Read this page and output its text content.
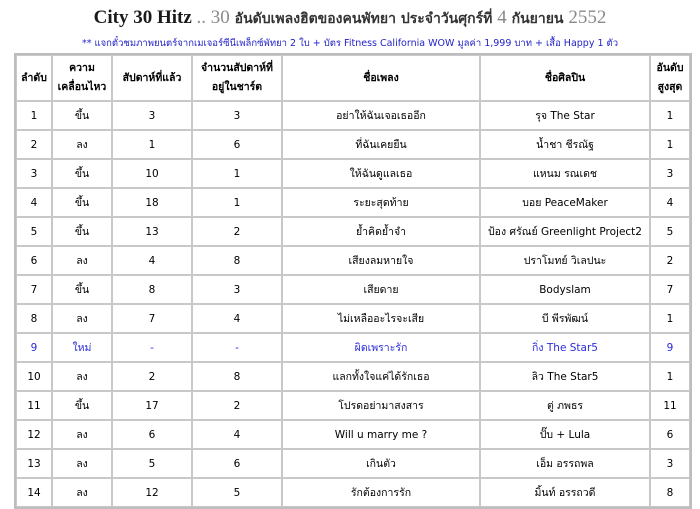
City 30 Hitz .. 30 อันดับเพลงฮิตของคนพัทยา ประจำวันศุกร์ที่ 4 กันยายน 2552
** แจกตั๋วชมภาพยนตร์จากเมเจอร์ซีนีเพล็กซ์พัทยา 2 ใบ + บัตร Fitness California WOW มูลค่า 1,999 บาท + เสื้อ Happy 1 ตัว
ลำดับ	ความเคลื่อนไหว	สัปดาห์ที่แล้ว	จำนวนสัปดาห์ที่อยู่ในชาร์ต	ชื่อเพลง	ชื่อศิลปิน	อันดับสูงสุด
1	ขึ้น	3	3	อย่าให้ฉันเจอเธออีก	รุจ The Star	1
2	ลง	1	6	ที่ฉันเคยยืน	น้ำชา ชีรณัฐ	1
3	ขึ้น	10	1	ให้ฉันดูแลเธอ	แหนม รณเดช	3
4	ขึ้น	18	1	ระยะสุดท้าย	บอย PeaceMaker	4
5	ขึ้น	13	2	ย้ำคิดย้ำจำ	ป้อง ศรัณย์ Greenlight Project2	5
6	ลง	4	8	เสียงลมหายใจ	ปราโมทย์ วิเลปนะ	2
7	ขึ้น	8	3	เสียดาย	Bodyslam	7
8	ลง	7	4	ไม่เหลืออะไรจะเสีย	บี พีรพัฒน์	1
9	ใหม่	-	-	ผิดเพราะรัก	กิ่ง The Star5	9
10	ลง	2	8	แลกทั้งใจแค่ได้รักเธอ	ลิว The Star5	1
11	ขึ้น	17	2	โปรดอย่ามาสงสาร	ตู่ ภพธร	11
12	ลง	6	4	Will u marry me ?	ปั๊บ + Lula	6
13	ลง	5	6	เกินตัว	เอ็ม อรรถพล	3
14	ลง	12	5	รักต้องการรัก	มิ้นท์ อรรถวดี	8
